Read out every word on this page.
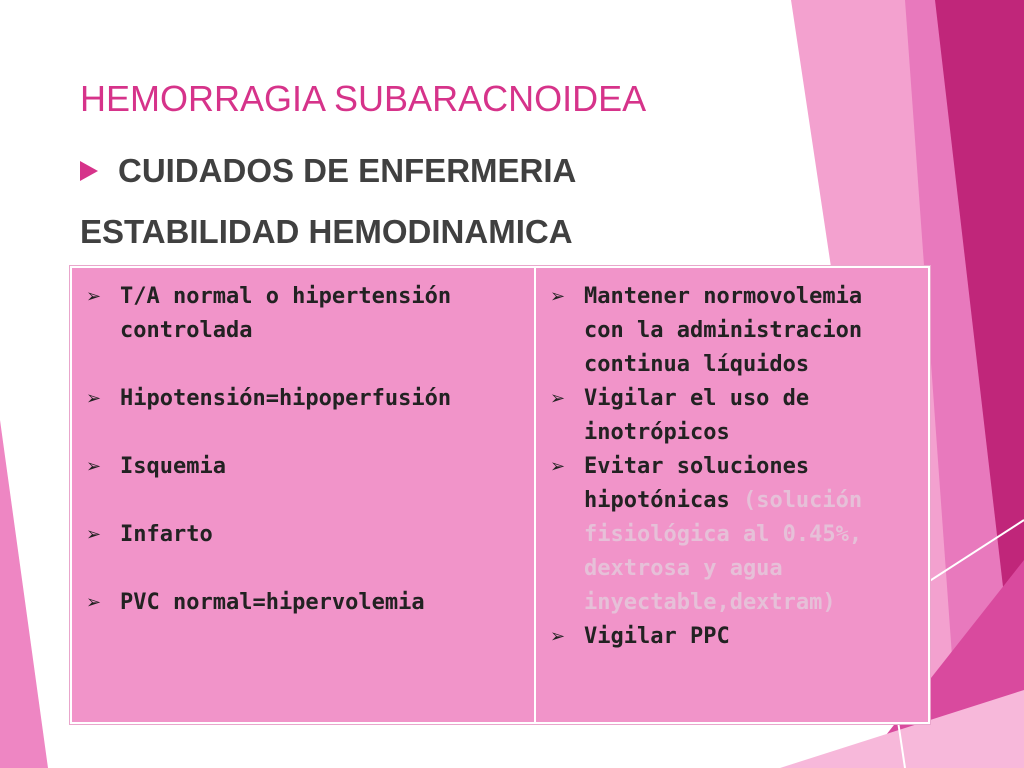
HEMORRAGIA SUBARACNOIDEA
CUIDADOS DE ENFERMERIA
ESTABILIDAD HEMODINAMICA
➢ T/A normal o hipertensión controlada
➢ Hipotensión=hipoperfusión
➢ Isquemia
➢ Infarto
➢ PVC normal=hipervolemia
➢ Mantener normovolemia con la administracion continua líquidos
➢ Vigilar el uso de inotrópicos
➢ Evitar soluciones hipotónicas (solución fisiológica al 0.45%, dextrosa y agua inyectable,dextram)
➢ Vigilar PPC
